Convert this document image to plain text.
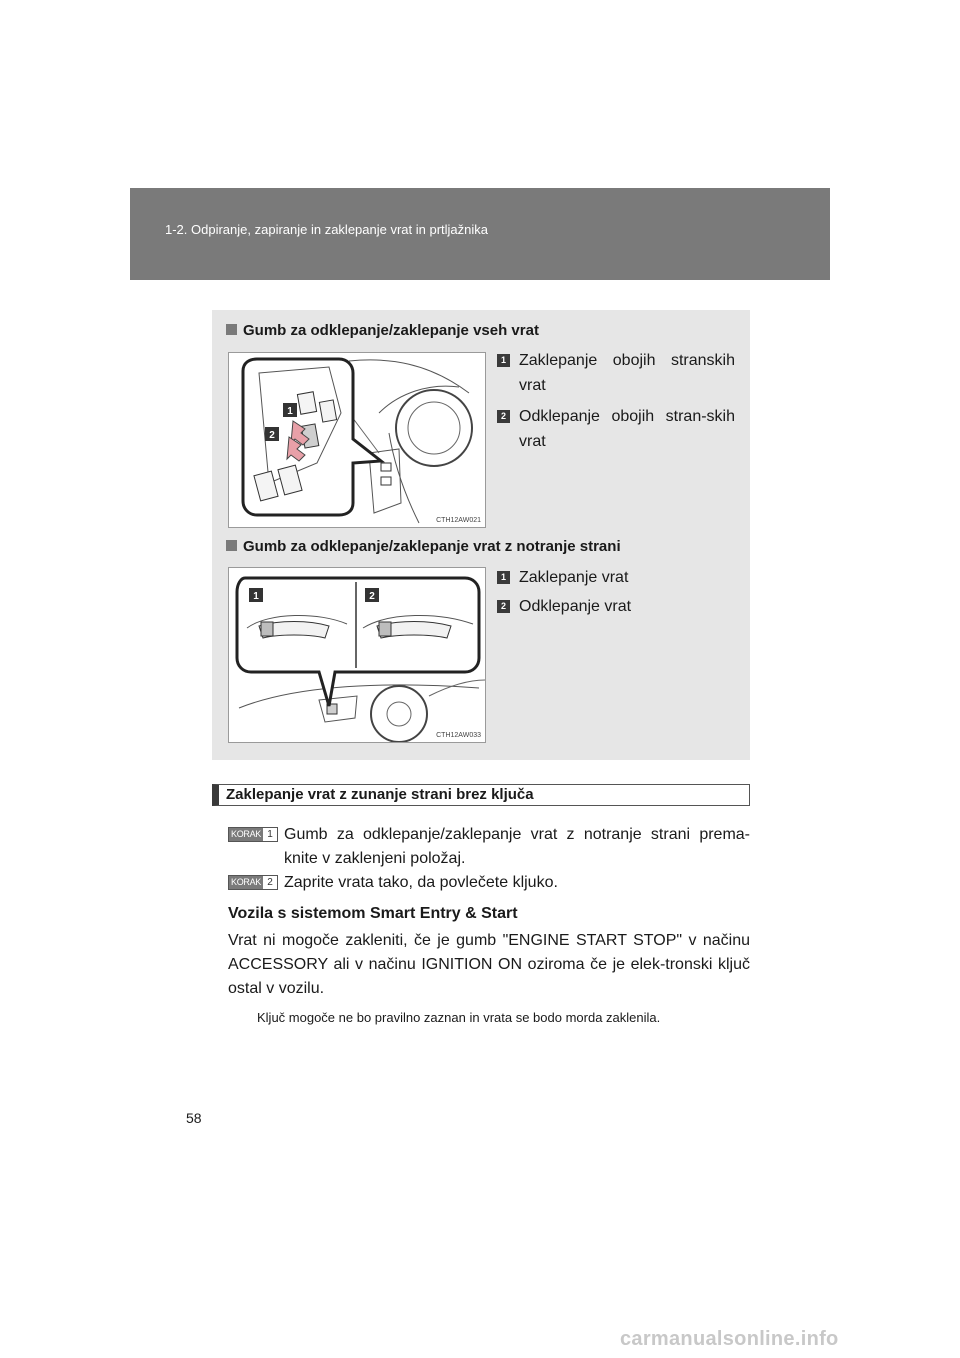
1-2. Odpiranje, zapiranje in zaklepanje vrat in prtljažnika
Gumb za odklepanje/zaklepanje vseh vrat
1
2
CTH12AW021
1 Zaklepanje obojih stranskih vrat
2 Odklepanje obojih stran-skih vrat
Gumb za odklepanje/zaklepanje vrat z notranje strani
1	2
CTH12AW033
1 Zaklepanje vrat
2 Odklepanje vrat
Zaklepanje vrat z zunanje strani brez ključa
KORAK 1 Gumb za odklepanje/zaklepanje vrat z notranje strani prema-knite v zaklenjeni položaj.
KORAK 2 Zaprite vrata tako, da povlečete kljuko.
Vozila s sistemom Smart Entry & Start
Vrat ni mogoče zakleniti, če je gumb "ENGINE START STOP" v načinu ACCESSORY ali v načinu IGNITION ON oziroma če je elek-tronski ključ ostal v vozilu.
Ključ mogoče ne bo pravilno zaznan in vrata se bodo morda zaklenila.
58
carmanualsonline.info
